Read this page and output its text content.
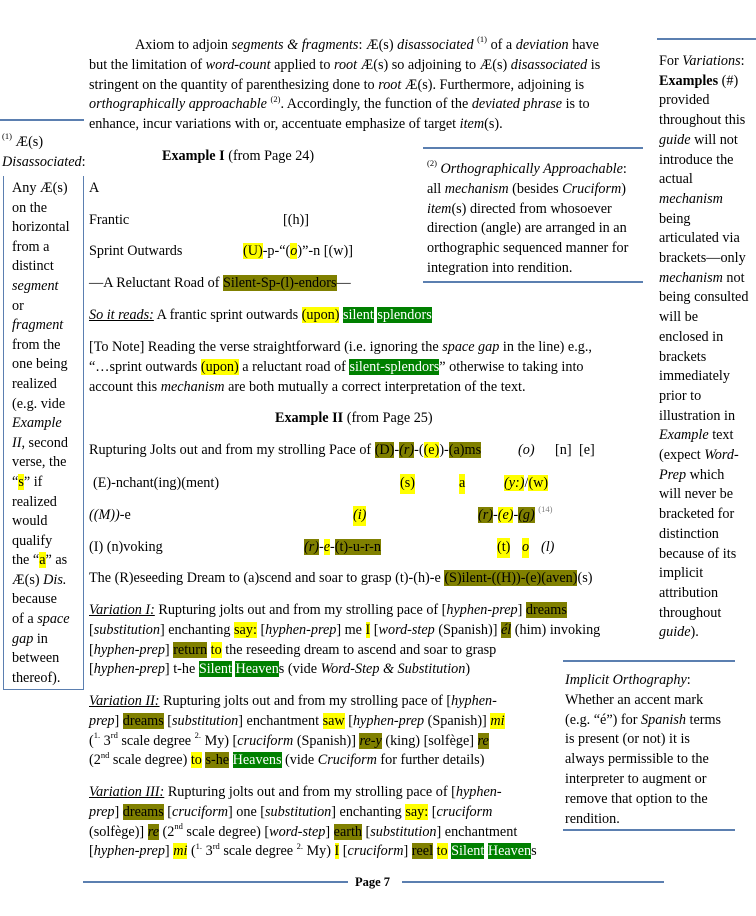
Axiom to adjoin segments & fragments: Æ(s) disassociated $^{(1)}$ of a deviation have
but the limitation of word-count applied to root Æ(s) so adjoining to Æ(s) disassociated is
stringent on the quantity of parenthesizing done to root Æ(s). Furthermore, adjoining is
orthographically approachable $^{(2)}$. Accordingly, the function of the deviated phrase is to
enhance, incur variations with or, accentuate emphasize of target item(s).
$^{(1)}$ Æ(s)
Disassociated:
Any Æ(s)
on the
horizontal
from a
distinct
segment
or
fragment
from the
one being
realized
(e.g. vide
Example
II, second
verse, the
“s” if
realized
would
qualify
the “a” as
Æ(s) Dis.
because
of a space
gap in
between
thereof).
Example I (from Page 24)
A
Frantic	[(h)]
Sprint Outwards	(U)-p-“(o)”-n [(w)]
—A Reluctant Road of Silent-Sp-(l)-endors—
So it reads: A frantic sprint outwards (upon) silent splendors
[To Note] Reading the verse straightforward (i.e. ignoring the space gap in the line) e.g.,
“…sprint outwards (upon) a reluctant road of silent-splendors” otherwise to taking into
account this mechanism are both mutually a correct interpretation of the text.
$^{(2)}$ Orthographically Approachable:
all mechanism (besides Cruciform)
item(s) directed from whosoever
direction (angle) are arranged in an
orthographic sequenced manner for
integration into rendition.
For Variations:
Examples (#)
provided
throughout this
guide will not
introduce the
actual
mechanism
being
articulated via
brackets—only
mechanism not
being consulted
will be
enclosed in
brackets
immediately
prior to
illustration in
Example text
(expect Word-
Prep which
will never be
bracketed for
distinction
because of its
implicit
attribution
throughout
guide).
Example II (from Page 25)
Rupturing Jolts out and from my strolling Pace of (D)-(r)-((e))-(a)ms	(o) [n] [e]
(E)-nchant(ing)(ment)	(s)	a	(y:)/(w)
((M))-e	(i)	(r)-(e)-(g) $^{(14)}$
(I) (n)voking	(r)-e-(t)-u-r-n	(t) o (l)
The (R)eseeding Dream to (a)scend and soar to grasp (t)-(h)-e (S)ilent-((H))-(e)(aven)(s)
Variation I: Rupturing jolts out and from my strolling pace of [hyphen-prep] dreams
[substitution] enchanting say: [hyphen-prep] me I [word-step (Spanish)] él (him) invoking
[hyphen-prep] return to the reseeding dream to ascend and soar to grasp
[hyphen-prep] t-he Silent Heavens (vide Word-Step & Substitution)
Variation II: Rupturing jolts out and from my strolling pace of [hyphen-
prep] dreams [substitution] enchantment saw [hyphen-prep (Spanish)] mi
($^{1.}$ 3rd scale degree $^{2.}$ My) [cruciform (Spanish)] re-y (king) [solfège] re
(2nd scale degree) to s-he Heavens (vide Cruciform for further details)
Variation III: Rupturing jolts out and from my strolling pace of [hyphen-
prep] dreams [cruciform] one [substitution] enchanting say: [cruciform
(solfège)] re (2nd scale degree) [word-step] earth [substitution] enchantment
[hyphen-prep] mi ($^{1.}$ 3rd scale degree $^{2.}$ My) I [cruciform] reel to Silent Heavens
Implicit Orthography:
Whether an accent mark
(e.g. “é”) for Spanish terms
is present (or not) it is
always permissible to the
interpreter to augment or
remove that option to the
rendition.
Page 7
